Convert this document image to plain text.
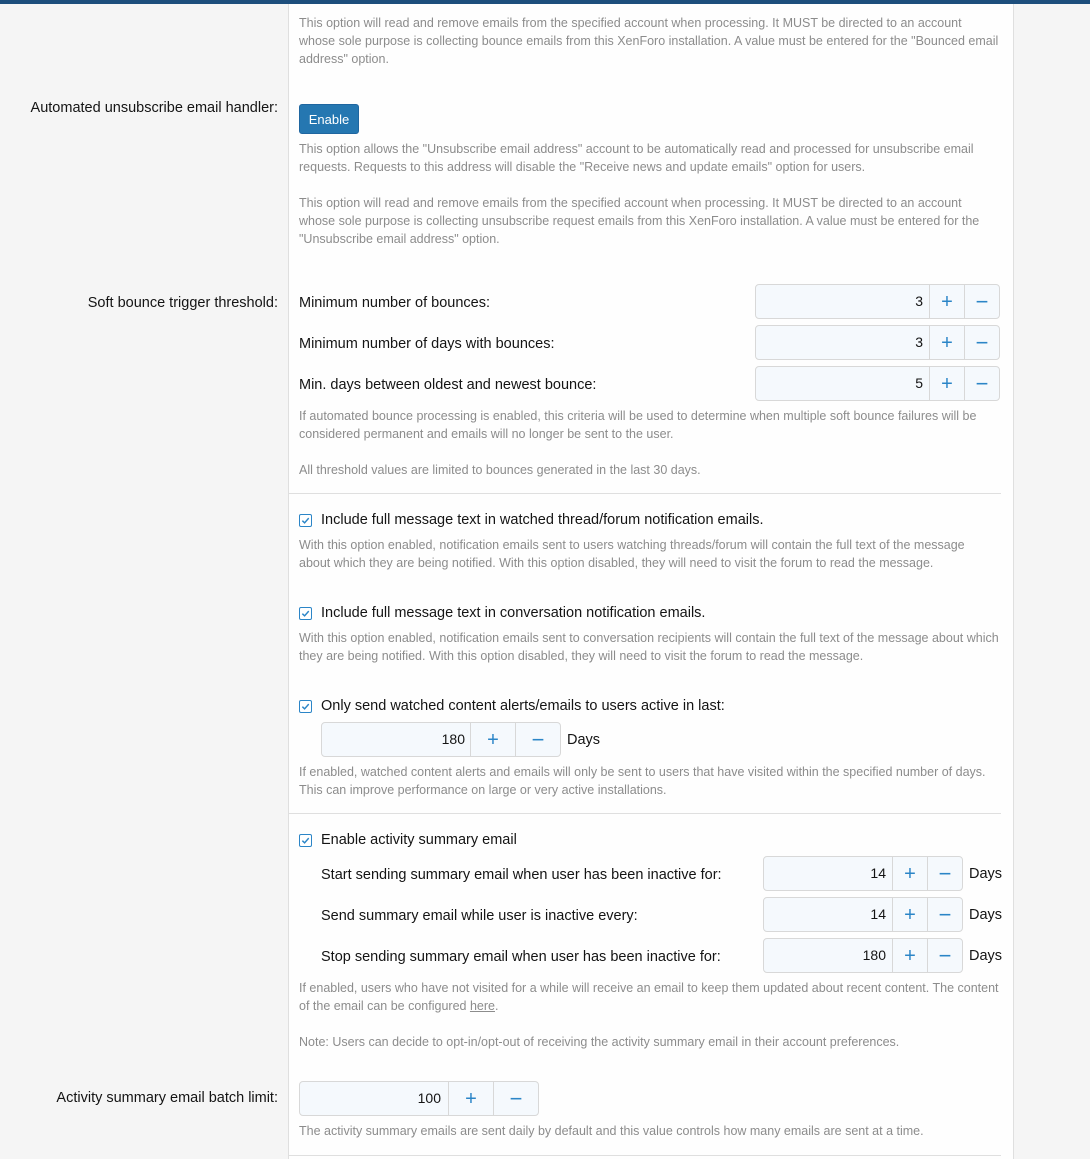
This option will read and remove emails from the specified account when processing. It MUST be directed to an account whose sole purpose is collecting bounce emails from this XenForo installation. A value must be entered for the "Bounced email address" option.
Automated unsubscribe email handler:
Enable
This option allows the "Unsubscribe email address" account to be automatically read and processed for unsubscribe email requests. Requests to this address will disable the "Receive news and update emails" option for users.
This option will read and remove emails from the specified account when processing. It MUST be directed to an account whose sole purpose is collecting unsubscribe request emails from this XenForo installation. A value must be entered for the "Unsubscribe email address" option.
Soft bounce trigger threshold: Minimum number of bounces:	3 +	−
Minimum number of days with bounces:	3 +	−
Min. days between oldest and newest bounce:	5 +	−
If automated bounce processing is enabled, this criteria will be used to determine when multiple soft bounce failures will be considered permanent and emails will no longer be sent to the user.
All threshold values are limited to bounces generated in the last 30 days.
Include full message text in watched thread/forum notification emails.
With this option enabled, notification emails sent to users watching threads/forum will contain the full text of the message about which they are being notified. With this option disabled, they will need to visit the forum to read the message.
Include full message text in conversation notification emails.
With this option enabled, notification emails sent to conversation recipients will contain the full text of the message about which they are being notified. With this option disabled, they will need to visit the forum to read the message.
Only send watched content alerts/emails to users active in last:
180	+	−	Days
If enabled, watched content alerts and emails will only be sent to users that have visited within the specified number of days. This can improve performance on large or very active installations.
Enable activity summary email
Start sending summary email when user has been inactive for:	14 +	−	Days
Send summary email while user is inactive every:	14 +	−	Days
Stop sending summary email when user has been inactive for:	180 +	−	Days
If enabled, users who have not visited for a while will receive an email to keep them updated about recent content. The content of the email can be configured here.
Note: Users can decide to opt-in/opt-out of receiving the activity summary email in their account preferences.
Activity summary email batch limit:	100	+	−
The activity summary emails are sent daily by default and this value controls how many emails are sent at a time.
